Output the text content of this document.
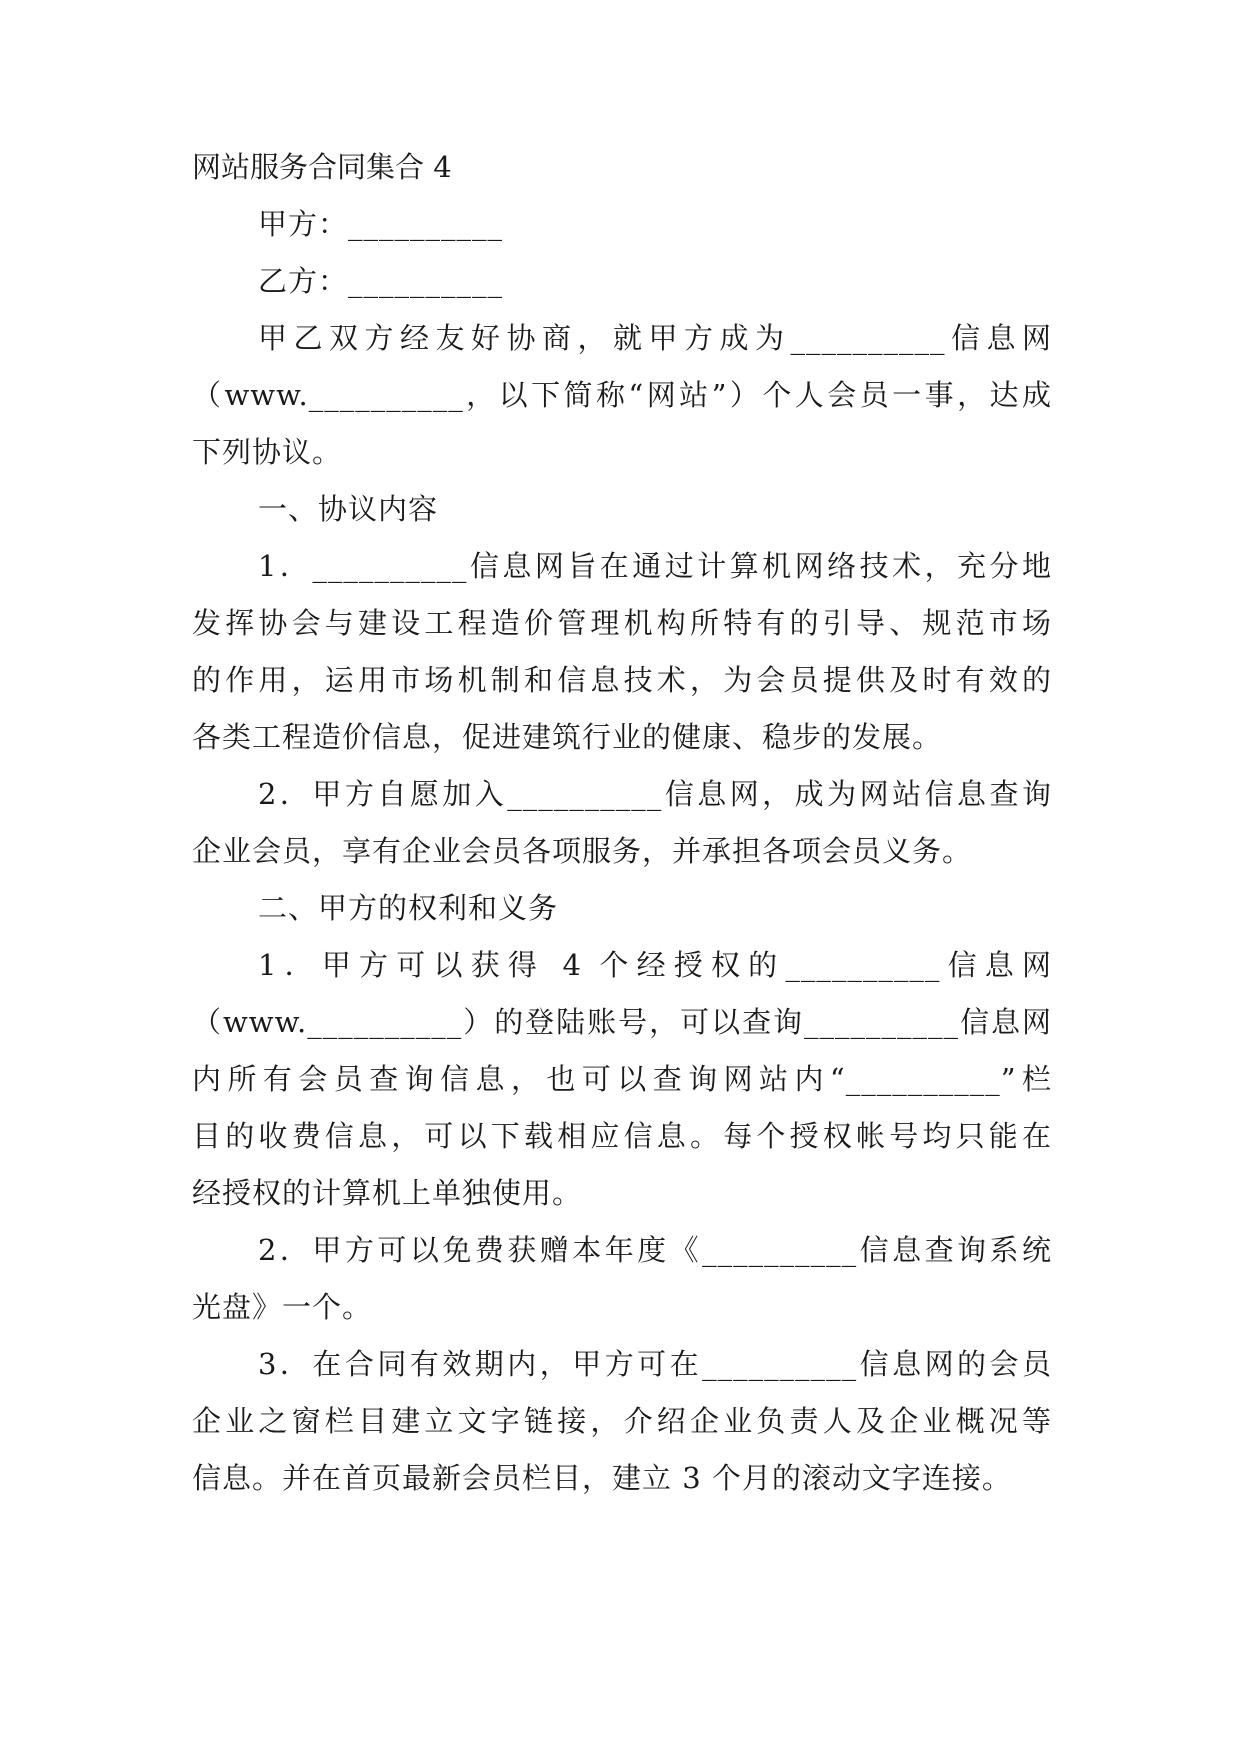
网站服务合同集合 4
甲方：__________
乙方：__________
甲乙双方经友好协商，就甲方成为__________信息网
（www.__________，以下简称“网站”）个人会员一事，达成
下列协议。
一、协议内容
1．__________信息网旨在通过计算机网络技术，充分地
发挥协会与建设工程造价管理机构所特有的引导、规范市场
的作用，运用市场机制和信息技术，为会员提供及时有效的
各类工程造价信息，促进建筑行业的健康、稳步的发展。
2．甲方自愿加入__________信息网，成为网站信息查询
企业会员，享有企业会员各项服务，并承担各项会员义务。
二、甲方的权利和义务
1．甲方可以获得 4 个经授权的__________信息网
（www.__________）的登陆账号，可以查询__________信息网
内所有会员查询信息，也可以查询网站内“__________”栏
目的收费信息，可以下载相应信息。每个授权帐号均只能在
经授权的计算机上单独使用。
2．甲方可以免费获赠本年度《__________信息查询系统
光盘》一个。
3．在合同有效期内，甲方可在__________信息网的会员
企业之窗栏目建立文字链接，介绍企业负责人及企业概况等
信息。并在首页最新会员栏目，建立 3 个月的滚动文字连接。
